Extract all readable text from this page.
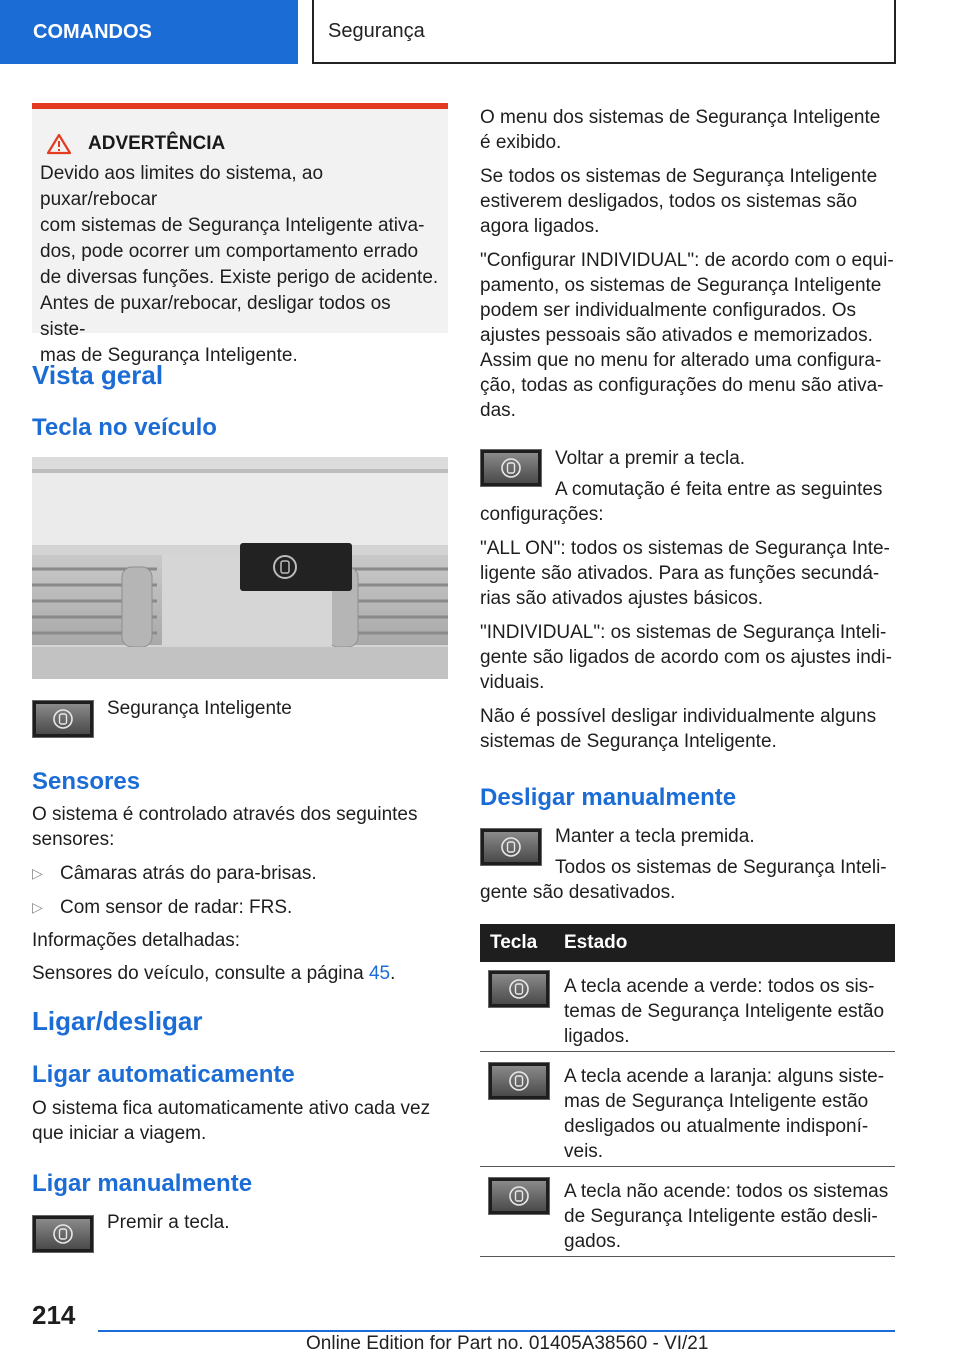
COMANDOS	Segurança
ADVERTÊNCIA

Devido aos limites do sistema, ao puxar/rebocar

com sistemas de Segurança Inteligente ativa-

dos, pode ocorrer um comportamento errado

de diversas funções. Existe perigo de acidente.

Antes de puxar/rebocar, desligar todos os siste-

mas de Segurança Inteligente.

Vista geral
Tecla no veículo

Segurança Inteligente

Sensores

O sistema é controlado através dos seguintes

sensores:

▷ Câmaras atrás do para-brisas.

▷ Com sensor de radar: FRS.

Informações detalhadas:

Sensores do veículo, consulte a página 45.

Ligar/desligar
Ligar automaticamente

O sistema fica automaticamente ativo cada vez

que iniciar a viagem.

Ligar manualmente

Premir a tecla.

O menu dos sistemas de Segurança Inteligente

é exibido.

Se todos os sistemas de Segurança Inteligente

estiverem desligados, todos os sistemas são

agora ligados.

"Configurar INDIVIDUAL": de acordo com o equi-

pamento, os sistemas de Segurança Inteligente

podem ser individualmente configurados. Os

ajustes pessoais são ativados e memorizados.

Assim que no menu for alterado uma configura-

ção, todas as configurações do menu são ativa-

das.

Voltar a premir a tecla.

A comutação é feita entre as seguintes

configurações:

"ALL ON": todos os sistemas de Segurança Inte-

ligente são ativados. Para as funções secundá-

rias são ativados ajustes básicos.

"INDIVIDUAL": os sistemas de Segurança Inteli-

gente são ligados de acordo com os ajustes indi-

viduais.

Não é possível desligar individualmente alguns

sistemas de Segurança Inteligente.

Desligar manualmente

Manter a tecla premida.

Todos os sistemas de Segurança Inteli-

gente são desativados.

Tecla	Estado

A tecla acende a verde: todos os sis-

temas de Segurança Inteligente estão

ligados.

A tecla acende a laranja: alguns siste-

mas de Segurança Inteligente estão

desligados ou atualmente indisponí-

veis.

A tecla não acende: todos os sistemas

de Segurança Inteligente estão desli-

gados.

214
Online Edition for Part no. 01405A38560 - VI/21
